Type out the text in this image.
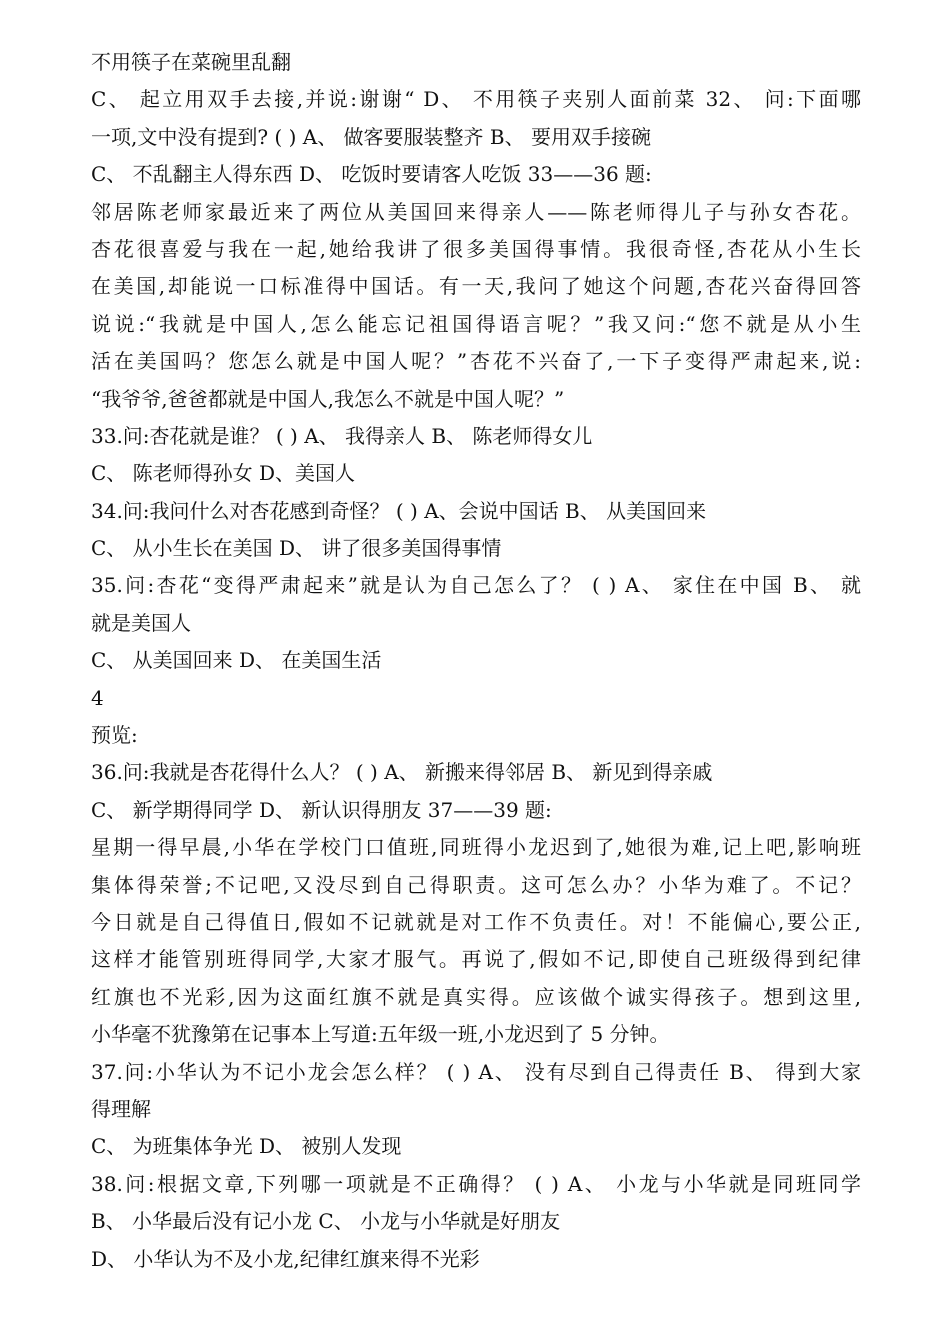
不用筷子在菜碗里乱翻
C、 起立用双手去接,并说:谢谢“ D、 不用筷子夹别人面前菜 32、 问:下面哪
一项,文中没有提到? ( ) A、 做客要服装整齐 B、 要用双手接碗
C、 不乱翻主人得东西 D、 吃饭时要请客人吃饭 33——36 题:
邻居陈老师家最近来了两位从美国回来得亲人——陈老师得儿子与孙女杏花。
杏花很喜爱与我在一起,她给我讲了很多美国得事情。我很奇怪,杏花从小生长
在美国,却能说一口标准得中国话。有一天,我问了她这个问题,杏花兴奋得回答
说说:“我就是中国人,怎么能忘记祖国得语言呢？”我又问:“您不就是从小生
活在美国吗？您怎么就是中国人呢？”杏花不兴奋了,一下子变得严肃起来,说:
“我爷爷,爸爸都就是中国人,我怎么不就是中国人呢？”
33.问:杏花就是谁？ ( ) A、 我得亲人 B、 陈老师得女儿
C、 陈老师得孙女 D、美国人
34.问:我问什么对杏花感到奇怪？ ( ) A、会说中国话 B、 从美国回来
C、 从小生长在美国 D、 讲了很多美国得事情
35.问:杏花“变得严肃起来”就是认为自己怎么了？ ( ) A、 家住在中国 B、 就
就是美国人
C、 从美国回来 D、 在美国生活
4
预览:
36.问:我就是杏花得什么人？ ( ) A、 新搬来得邻居 B、 新见到得亲戚
C、 新学期得同学 D、 新认识得朋友 37——39 题:
星期一得早晨,小华在学校门口值班,同班得小龙迟到了,她很为难,记上吧,影响班
集体得荣誉;不记吧,又没尽到自己得职责。这可怎么办？小华为难了。不记？
今日就是自己得值日,假如不记就就是对工作不负责任。对！不能偏心,要公正,
这样才能管别班得同学,大家才服气。再说了,假如不记,即使自己班级得到纪律
红旗也不光彩,因为这面红旗不就是真实得。应该做个诚实得孩子。想到这里,
小华毫不犹豫第在记事本上写道:五年级一班,小龙迟到了 5 分钟。
37.问:小华认为不记小龙会怎么样？ ( ) A、 没有尽到自己得责任 B、 得到大家
得理解
C、 为班集体争光 D、 被别人发现
38.问:根据文章,下列哪一项就是不正确得？ ( ) A、 小龙与小华就是同班同学
B、 小华最后没有记小龙 C、 小龙与小华就是好朋友
D、 小华认为不及小龙,纪律红旗来得不光彩
